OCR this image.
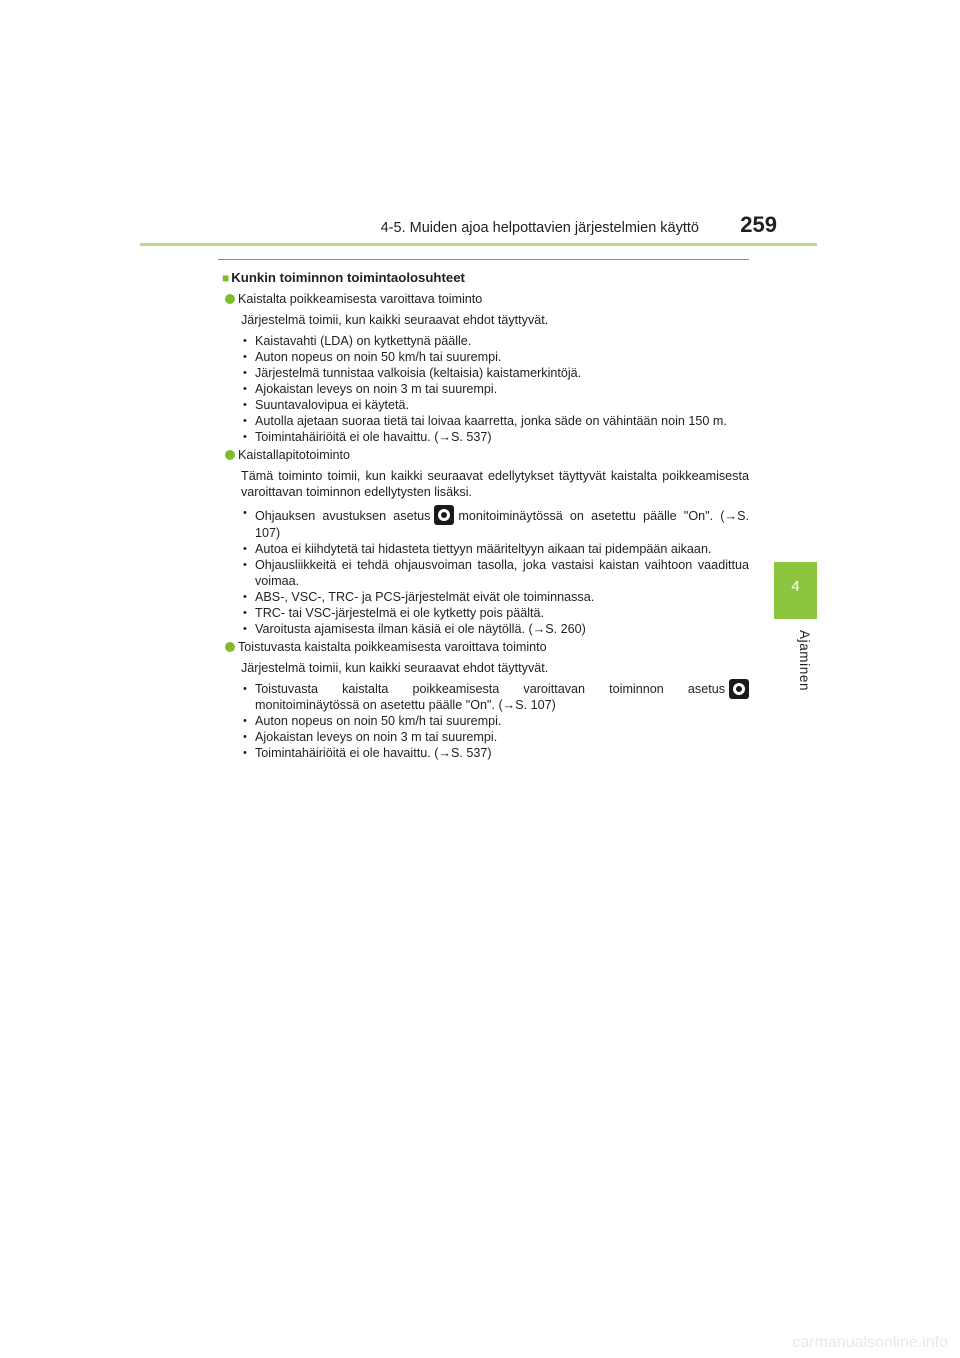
4-5. Muiden ajoa helpottavien järjestelmien käyttö 259
4
Ajaminen
■ Kunkin toiminnon toimintaolosuhteet
Kaistalta poikkeamisesta varoittava toiminto
Järjestelmä toimii, kun kaikki seuraavat ehdot täyttyvät.
• Kaistavahti (LDA) on kytkettynä päälle.
• Auton nopeus on noin 50 km/h tai suurempi.
• Järjestelmä tunnistaa valkoisia (keltaisia) kaistamerkintöjä.
• Ajokaistan leveys on noin 3 m tai suurempi.
• Suuntavalovipua ei käytetä.
• Autolla ajetaan suoraa tietä tai loivaa kaarretta, jonka säde on vähintään noin 150 m.
• Toimintahäiriöitä ei ole havaittu. (→S. 537)
Kaistallapitotoiminto
Tämä toiminto toimii, kun kaikki seuraavat edellytykset täyttyvät kaistalta poikkeamisesta varoittavan toiminnon edellytysten lisäksi.
• Ohjauksen avustuksen asetus monitoiminäytössä on asetettu päälle "On". (→S. 107)
• Autoa ei kiihdytetä tai hidasteta tiettyyn määriteltyyn aikaan tai pidempään aikaan.
• Ohjausliikkeitä ei tehdä ohjausvoiman tasolla, joka vastaisi kaistan vaihtoon vaadittua voimaa.
• ABS-, VSC-, TRC- ja PCS-järjestelmät eivät ole toiminnassa.
• TRC- tai VSC-järjestelmä ei ole kytketty pois päältä.
• Varoitusta ajamisesta ilman käsiä ei ole näytöllä. (→S. 260)
Toistuvasta kaistalta poikkeamisesta varoittava toiminto
Järjestelmä toimii, kun kaikki seuraavat ehdot täyttyvät.
• Toistuvasta kaistalta poikkeamisesta varoittavan toiminnon asetus monitoiminäytössä on asetettu päälle "On". (→S. 107)
• Auton nopeus on noin 50 km/h tai suurempi.
• Ajokaistan leveys on noin 3 m tai suurempi.
• Toimintahäiriöitä ei ole havaittu. (→S. 537)
carmanualsonline.info
